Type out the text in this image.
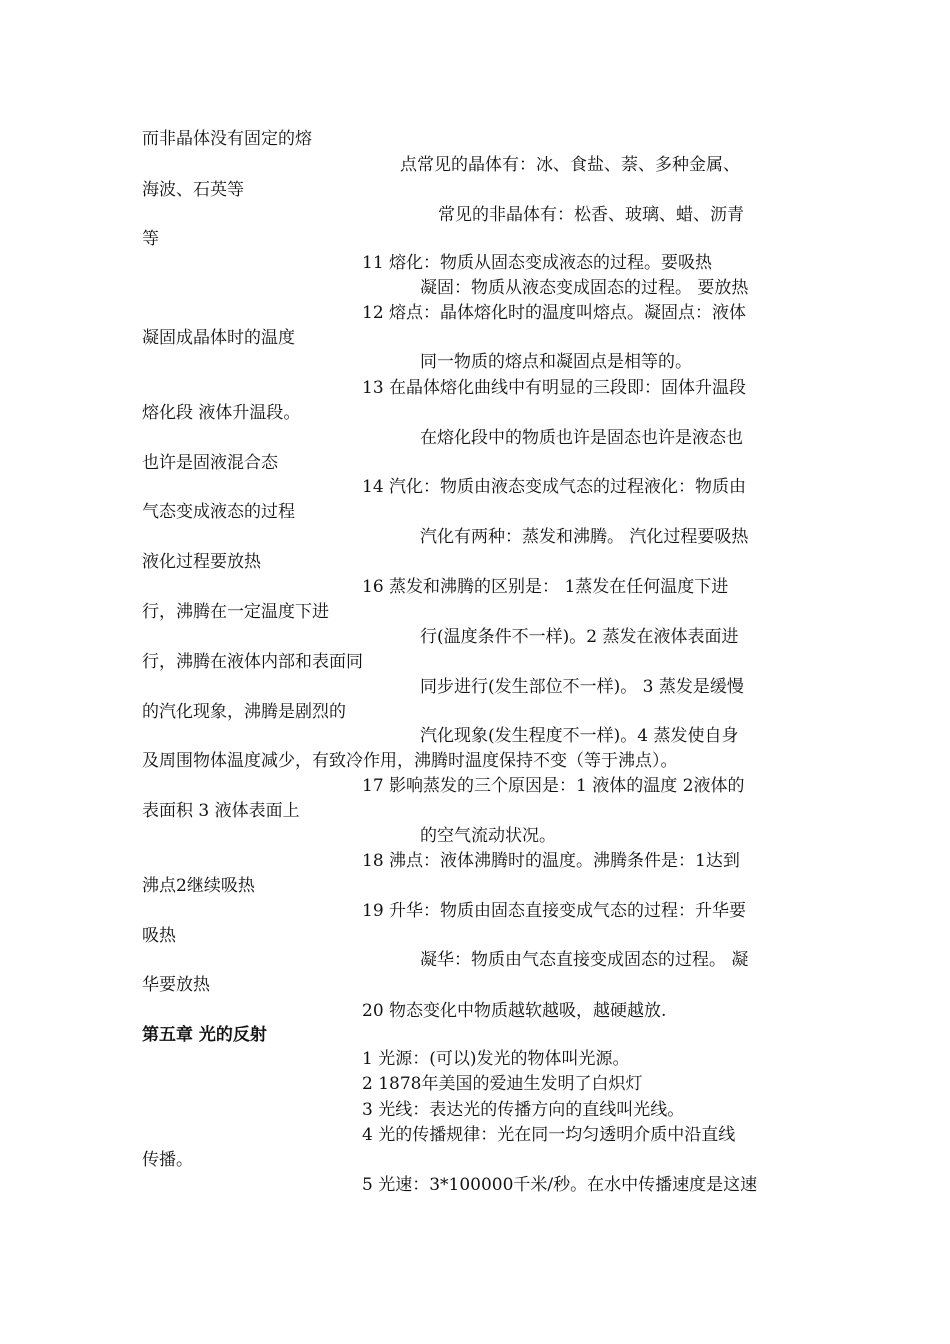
而非晶体没有固定的熔
点常见的晶体有：冰、食盐、萘、多种金属、
海波、石英等
常见的非晶体有：松香、玻璃、蜡、沥青
等
11 熔化：物质从固态变成液态的过程。要吸热
凝固：物质从液态变成固态的过程。 要放热
12 熔点：晶体熔化时的温度叫熔点。凝固点：液体
凝固成晶体时的温度
同一物质的熔点和凝固点是相等的。
13 在晶体熔化曲线中有明显的三段即：固体升温段
熔化段 液体升温段。
在熔化段中的物质也许是固态也许是液态也
也许是固液混合态
14 汽化：物质由液态变成气态的过程液化：物质由
气态变成液态的过程
汽化有两种：蒸发和沸腾。 汽化过程要吸热
液化过程要放热
16 蒸发和沸腾的区别是： 1蒸发在任何温度下进
行，沸腾在一定温度下进
行(温度条件不一样)。2 蒸发在液体表面进
行，沸腾在液体内部和表面同
同步进行(发生部位不一样)。 3 蒸发是缓慢
的汽化现象，沸腾是剧烈的
汽化现象(发生程度不一样)。4 蒸发使自身
及周围物体温度减少，有致冷作用，沸腾时温度保持不变（等于沸点）。
17 影响蒸发的三个原因是：1 液体的温度 2液体的
表面积 3 液体表面上
的空气流动状况。
18 沸点：液体沸腾时的温度。沸腾条件是：1达到
沸点2继续吸热
19 升华：物质由固态直接变成气态的过程：升华要
吸热
凝华：物质由气态直接变成固态的过程。 凝
华要放热
20 物态变化中物质越软越吸，越硬越放.
第五章 光的反射
1 光源：(可以)发光的物体叫光源。
2 1878年美国的爱迪生发明了白炽灯
3 光线：表达光的传播方向的直线叫光线。
4 光的传播规律：光在同一均匀透明介质中沿直线
传播。
5 光速：3*100000千米/秒。在水中传播速度是这速
